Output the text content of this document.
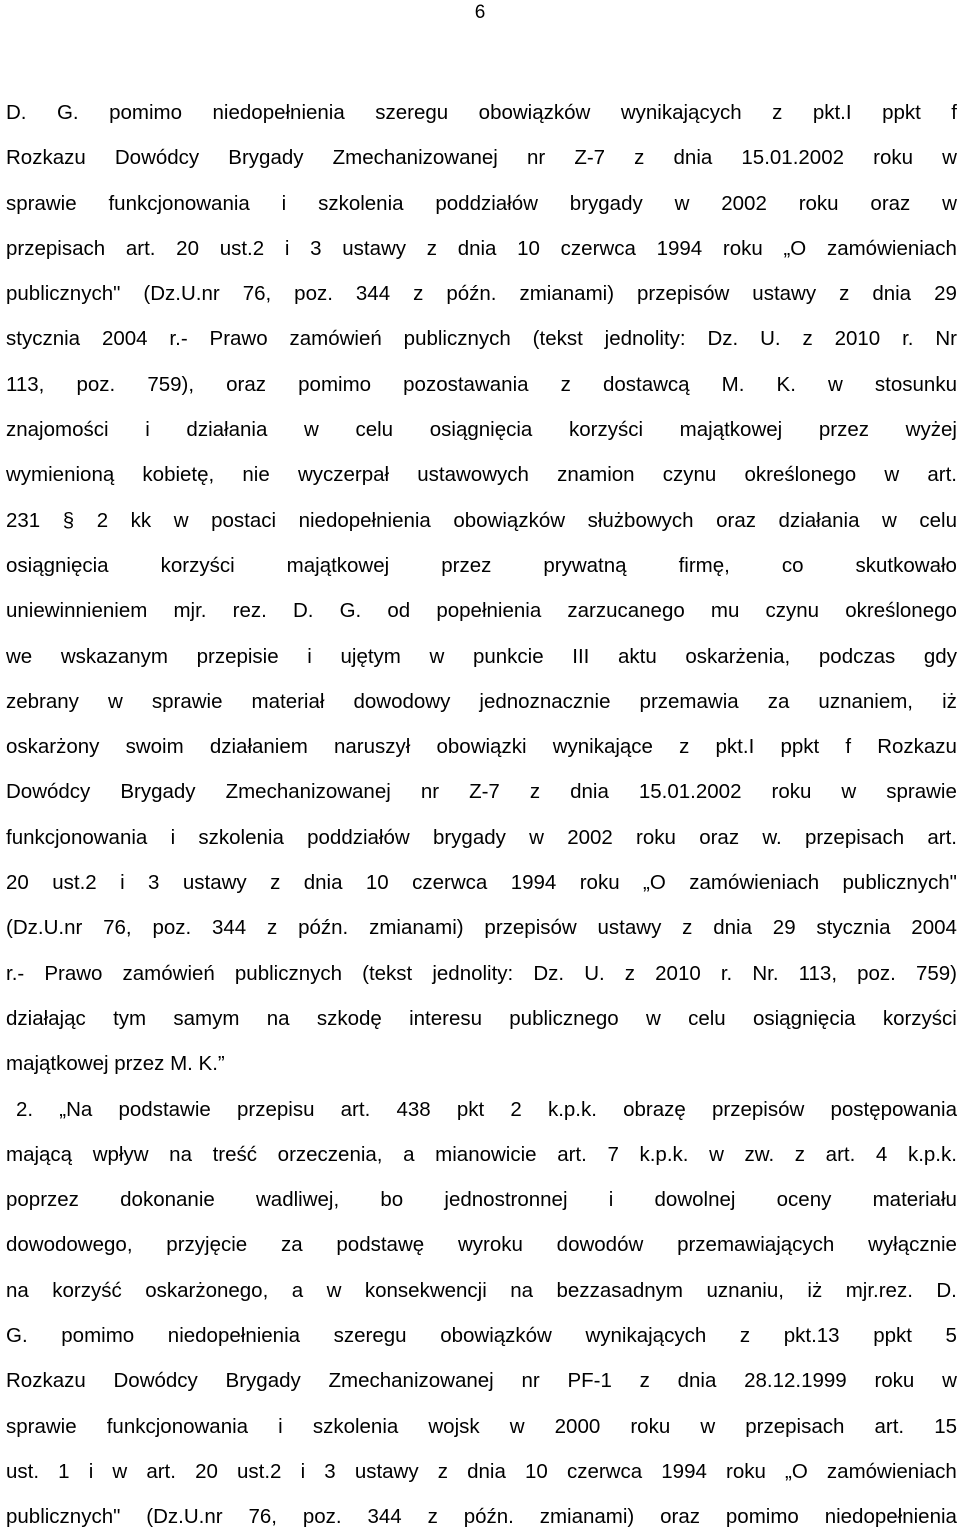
6
D. G. pomimo niedopełnienia szeregu obowiązków wynikających z pkt.I ppkt f
Rozkazu Dowódcy Brygady Zmechanizowanej nr Z-7 z dnia 15.01.2002 roku w
sprawie funkcjonowania i szkolenia poddziałów brygady w 2002 roku oraz w
przepisach art. 20 ust.2 i 3 ustawy z dnia 10 czerwca 1994 roku „O zamówieniach
publicznych" (Dz.U.nr 76, poz. 344 z późn. zmianami) przepisów ustawy z dnia 29
stycznia 2004 r.- Prawo zamówień publicznych (tekst jednolity: Dz. U. z 2010 r. Nr
113, poz. 759), oraz pomimo pozostawania z dostawcą M. K. w stosunku
znajomości i działania w celu osiągnięcia korzyści majątkowej przez wyżej
wymienioną kobietę, nie wyczerpał ustawowych znamion czynu określonego w art.
231 § 2 kk w postaci niedopełnienia obowiązków służbowych oraz działania w celu
osiągnięcia	korzyści	majątkowej	przez	prywatną	firmę,	co	skutkowało
uniewinnieniem mjr. rez. D. G. od popełnienia zarzucanego mu czynu określonego
we wskazanym przepisie i ujętym w punkcie III aktu oskarżenia, podczas gdy
zebrany w sprawie materiał dowodowy jednoznacznie przemawia za uznaniem, iż
oskarżony swoim działaniem naruszył obowiązki wynikające z pkt.I ppkt f Rozkazu
Dowódcy Brygady Zmechanizowanej nr Z-7 z dnia 15.01.2002 roku w sprawie
funkcjonowania i szkolenia poddziałów brygady w 2002 roku oraz w. przepisach art.
20 ust.2 i 3 ustawy z dnia 10 czerwca 1994 roku „O zamówieniach publicznych"
(Dz.U.nr 76, poz. 344 z późn. zmianami) przepisów ustawy z dnia 29 stycznia 2004
r.- Prawo zamówień publicznych (tekst jednolity: Dz. U. z 2010 r. Nr. 113, poz. 759)
działając tym samym na szkodę interesu publicznego w celu osiągnięcia korzyści
majątkowej przez M. K.”
2. „Na podstawie przepisu art. 438 pkt 2 k.p.k. obrazę przepisów postępowania
mającą wpływ na treść orzeczenia, a mianowicie art. 7 k.p.k. w zw. z art. 4 k.p.k.
poprzez dokonanie wadliwej, bo jednostronnej i dowolnej oceny materiału
dowodowego, przyjęcie za podstawę wyroku dowodów przemawiających wyłącznie
na korzyść oskarżonego, a w konsekwencji na bezzasadnym uznaniu, iż mjr.rez. D.
G. pomimo niedopełnienia szeregu obowiązków wynikających z pkt.13 ppkt 5
Rozkazu Dowódcy Brygady Zmechanizowanej nr PF-1 z dnia 28.12.1999 roku w
sprawie funkcjonowania i szkolenia wojsk w 2000 roku w przepisach art. 15
ust. 1 i w art. 20 ust.2 i 3 ustawy z dnia 10 czerwca 1994 roku „O zamówieniach
publicznych" (Dz.U.nr 76, poz. 344 z późn. zmianami) oraz pomimo niedopełnienia
